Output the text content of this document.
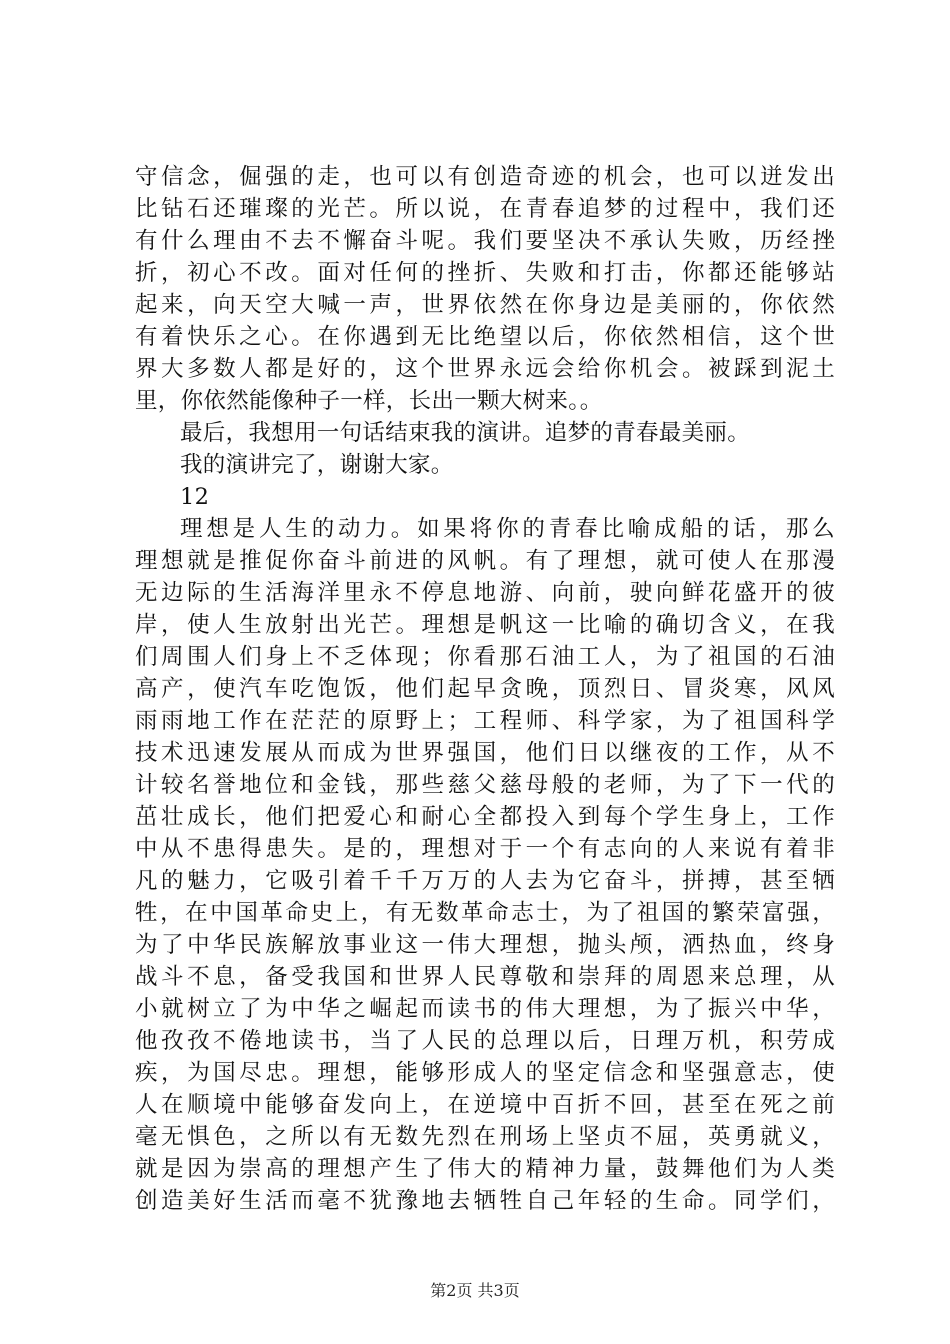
守信念，倔强的走，也可以有创造奇迹的机会，也可以迸发出
比钻石还璀璨的光芒。所以说，在青春追梦的过程中，我们还
有什么理由不去不懈奋斗呢。我们要坚决不承认失败，历经挫
折，初心不改。面对任何的挫折、失败和打击，你都还能够站
起来，向天空大喊一声，世界依然在你身边是美丽的，你依然
有着快乐之心。在你遇到无比绝望以后，你依然相信，这个世
界大多数人都是好的，这个世界永远会给你机会。被踩到泥土
里，你依然能像种子一样，长出一颗大树来。。
最后，我想用一句话结束我的演讲。追梦的青春最美丽。
我的演讲完了，谢谢大家。
12
理想是人生的动力。如果将你的青春比喻成船的话，那么
理想就是推促你奋斗前进的风帆。有了理想，就可使人在那漫
无边际的生活海洋里永不停息地游、向前，驶向鲜花盛开的彼
岸，使人生放射出光芒。理想是帆这一比喻的确切含义，在我
们周围人们身上不乏体现；你看那石油工人，为了祖国的石油
高产，使汽车吃饱饭，他们起早贪晚，顶烈日、冒炎寒，风风
雨雨地工作在茫茫的原野上；工程师、科学家，为了祖国科学
技术迅速发展从而成为世界强国，他们日以继夜的工作，从不
计较名誉地位和金钱，那些慈父慈母般的老师，为了下一代的
茁壮成长，他们把爱心和耐心全都投入到每个学生身上，工作
中从不患得患失。是的，理想对于一个有志向的人来说有着非
凡的魅力，它吸引着千千万万的人去为它奋斗，拼搏，甚至牺
牲，在中国革命史上，有无数革命志士，为了祖国的繁荣富强，
为了中华民族解放事业这一伟大理想，抛头颅，洒热血，终身
战斗不息，备受我国和世界人民尊敬和崇拜的周恩来总理，从
小就树立了为中华之崛起而读书的伟大理想，为了振兴中华，
他孜孜不倦地读书，当了人民的总理以后，日理万机，积劳成
疾，为国尽忠。理想，能够形成人的坚定信念和坚强意志，使
人在顺境中能够奋发向上，在逆境中百折不回，甚至在死之前
毫无惧色，之所以有无数先烈在刑场上坚贞不屈，英勇就义，
就是因为崇高的理想产生了伟大的精神力量，鼓舞他们为人类
创造美好生活而毫不犹豫地去牺牲自己年轻的生命。同学们，
第2页 共3页
